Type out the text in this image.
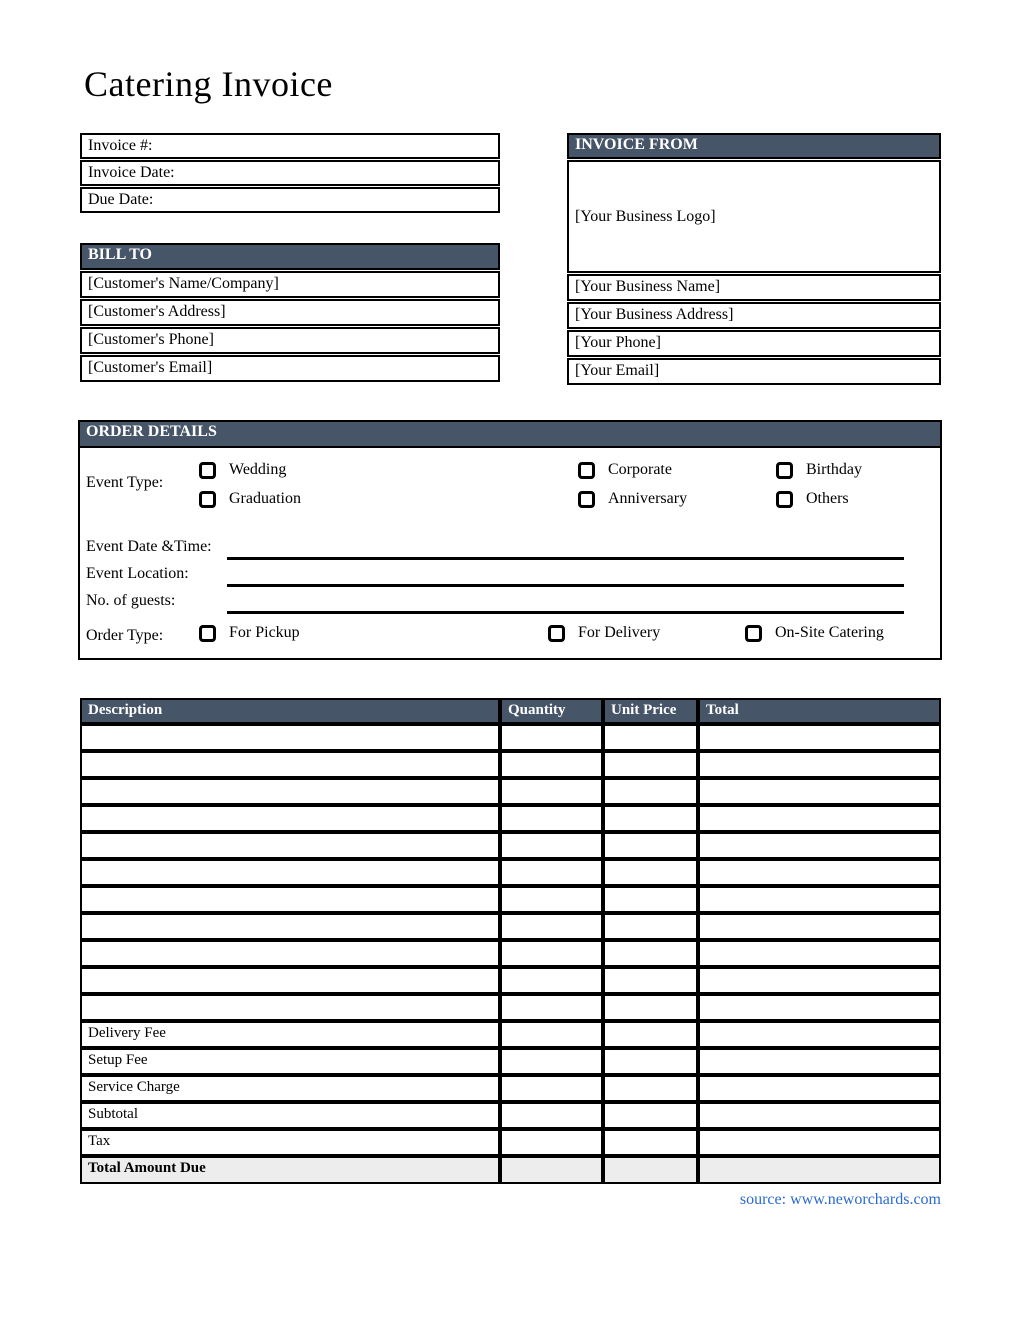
Catering Invoice
Invoice #:
Invoice Date:
Due Date:
INVOICE FROM
[Your Business Logo]
[Your Business Name]
[Your Business Address]
[Your Phone]
[Your Email]
BILL TO
[Customer's Name/Company]
[Customer's Address]
[Customer's Phone]
[Customer's Email]
ORDER DETAILS
Event Type:
Wedding
Graduation
Corporate
Anniversary
Birthday
Others
Event Date &Time:
Event Location:
No. of guests:
Order Type:	For Pickup	For Delivery	On-Site Catering
Description	Quantity	Unit Price	Total
Delivery Fee
Setup Fee
Service Charge
Subtotal
Tax
Total Amount Due
source: www.neworchards.com
